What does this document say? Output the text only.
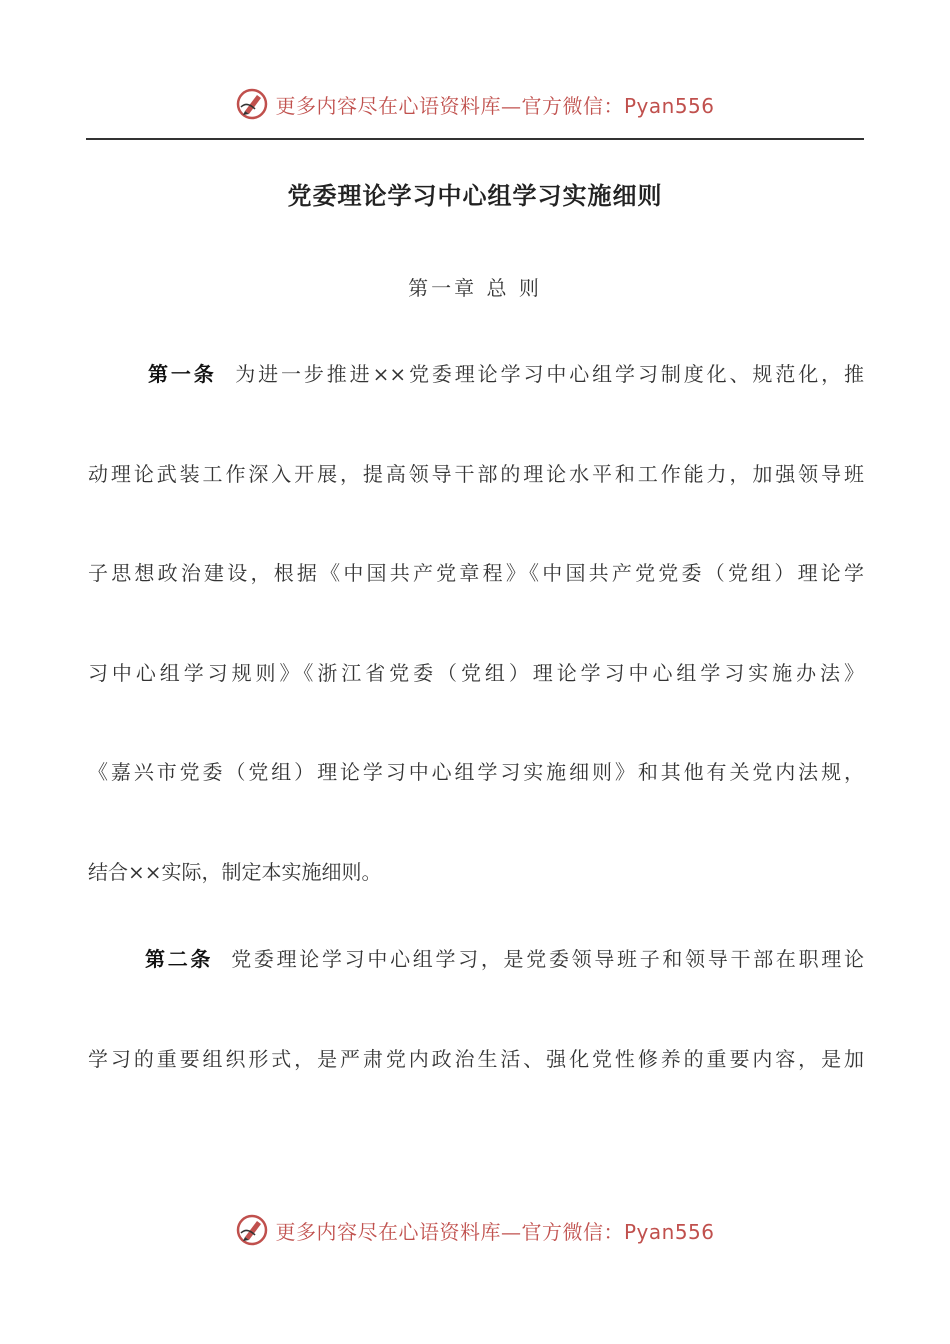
更多内容尽在心语资料库—官方微信：Pyan556
党委理论学习中心组学习实施细则
第一章 总 则
第一条 为进一步推进××党委理论学习中心组学习制度化、规范化，推
动理论武装工作深入开展，提高领导干部的理论水平和工作能力，加强领导班
子思想政治建设，根据《中国共产党章程》《中国共产党党委（党组）理论学
习中心组学习规则》《浙江省党委（党组）理论学习中心组学习实施办法》
《嘉兴市党委（党组）理论学习中心组学习实施细则》和其他有关党内法规，
结合××实际，制定本实施细则。
第二条 党委理论学习中心组学习，是党委领导班子和领导干部在职理论
学习的重要组织形式，是严肃党内政治生活、强化党性修养的重要内容，是加
更多内容尽在心语资料库—官方微信：Pyan556
